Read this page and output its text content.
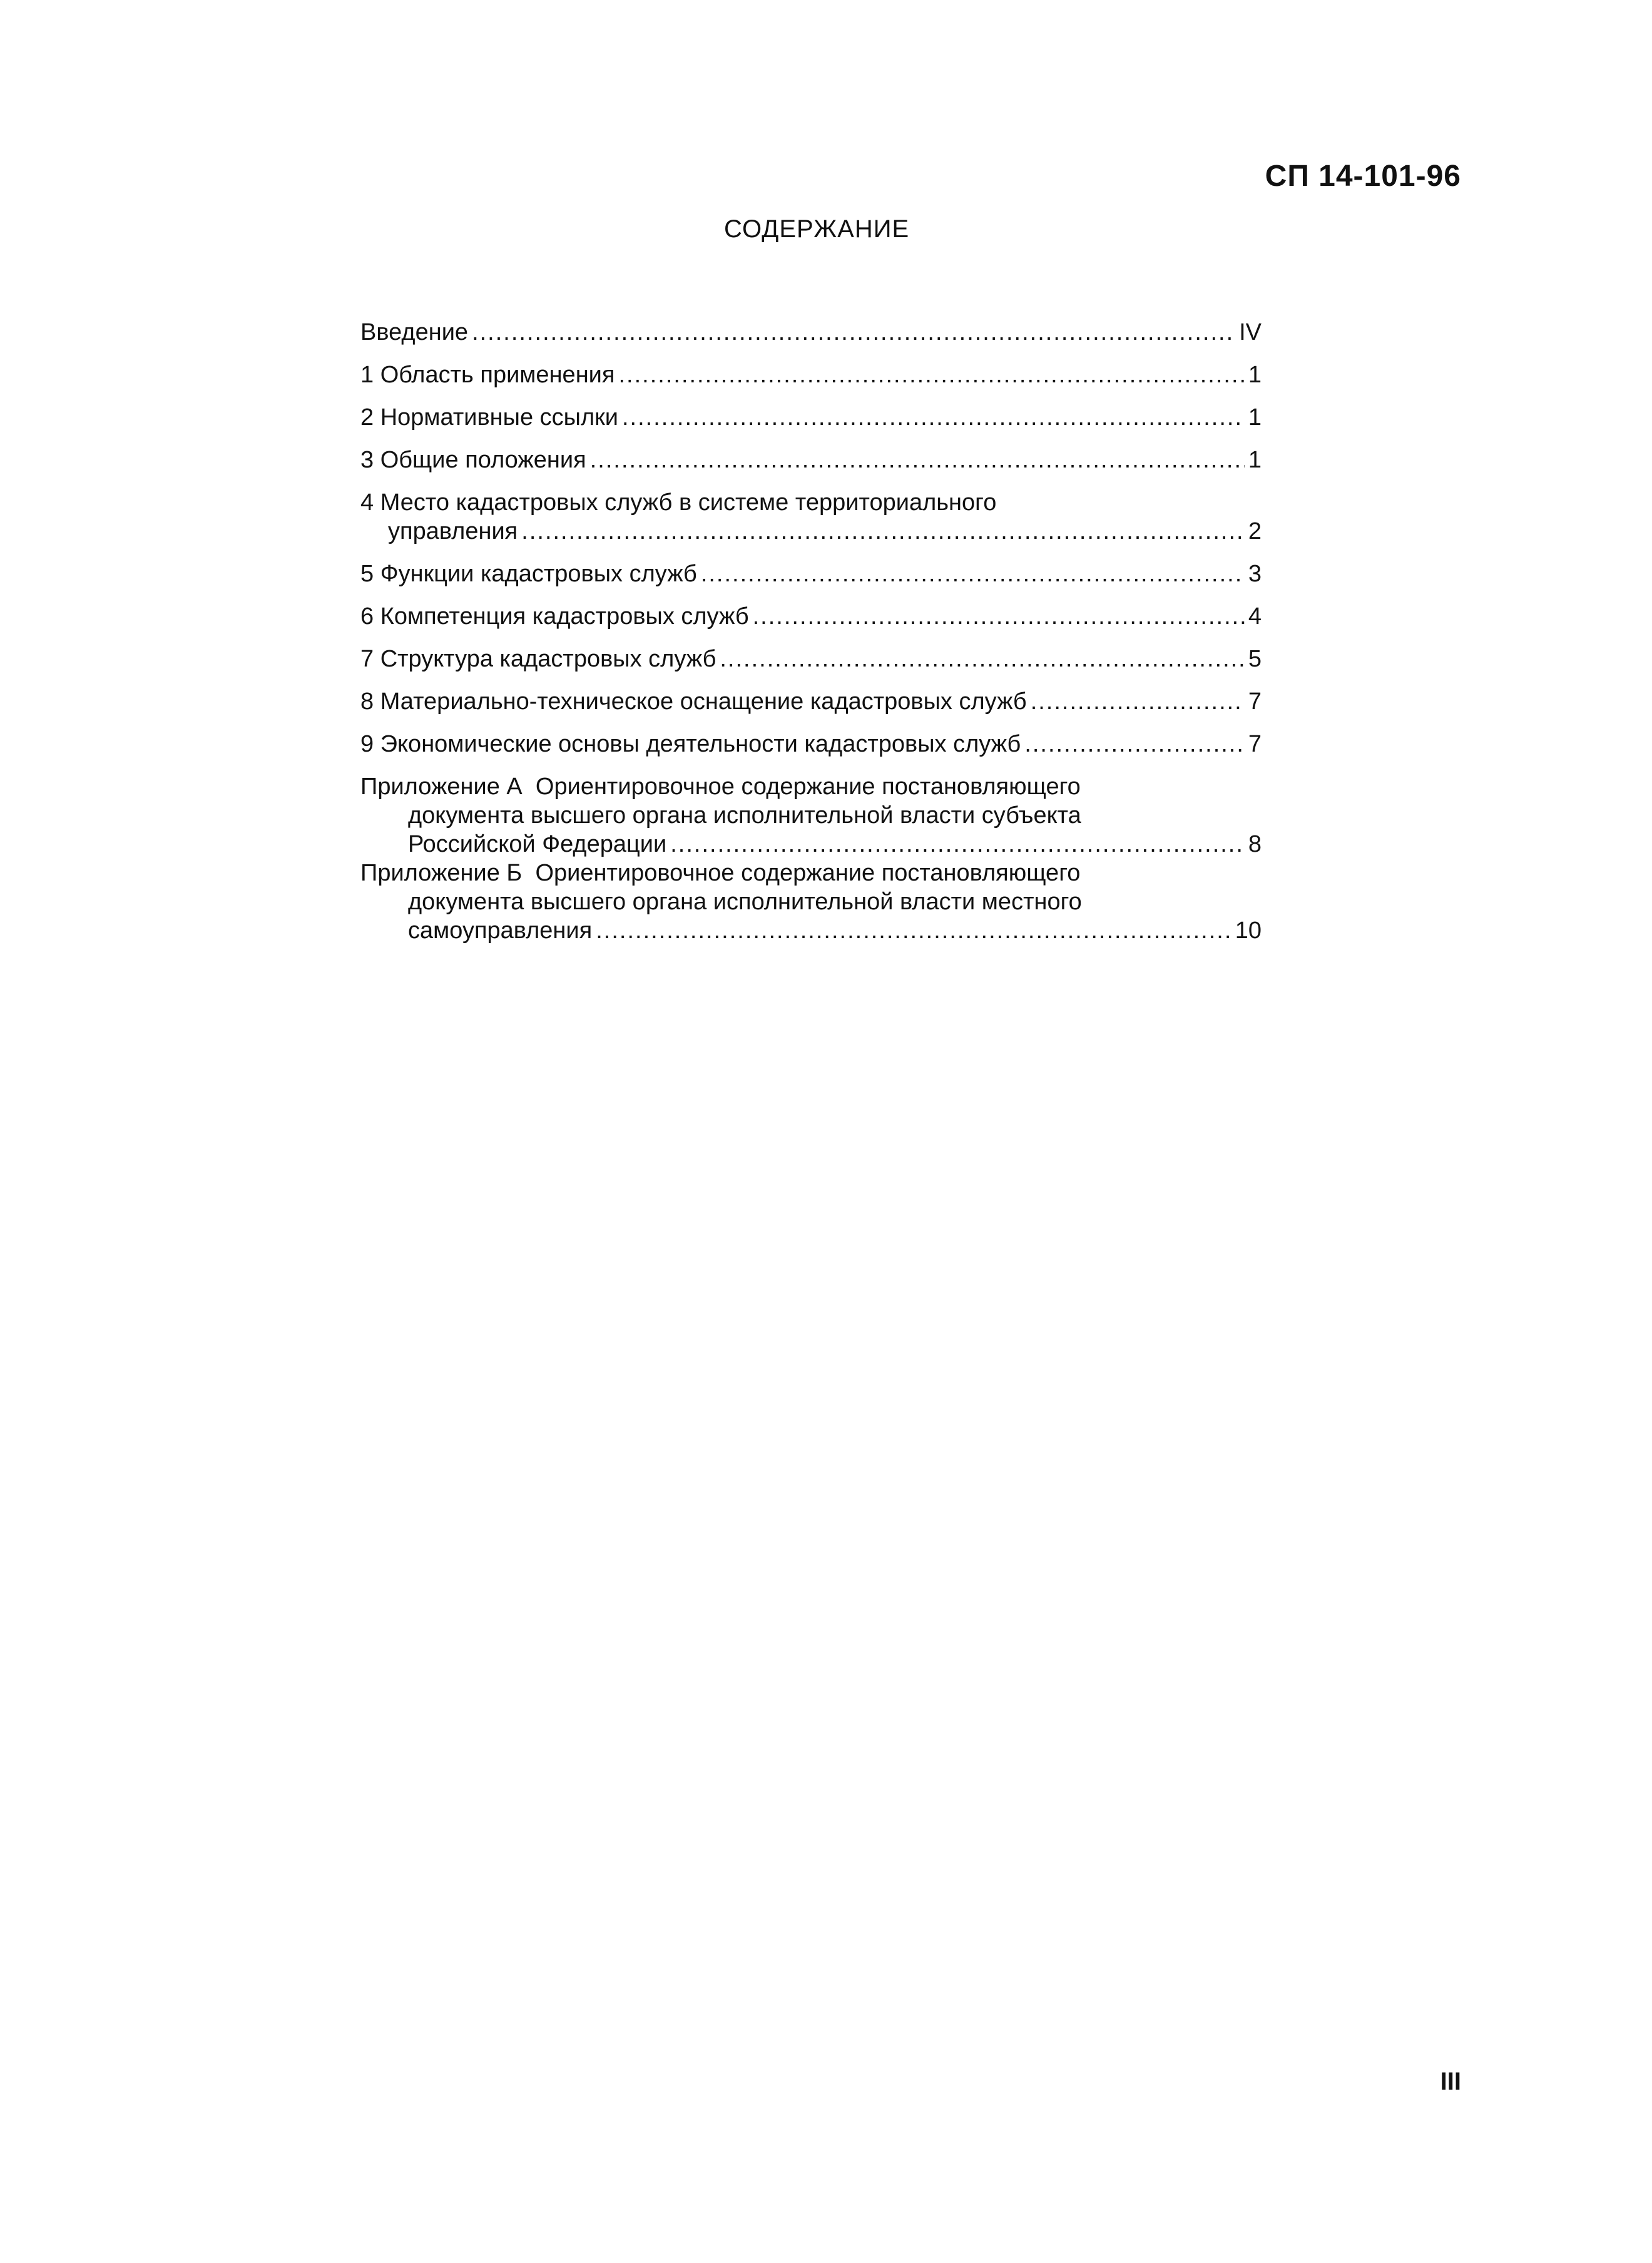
СП 14-101-96
СОДЕРЖАНИЕ
Введение .....	IV
1 Область применения .....	1
2 Нормативные ссылки .....	1
3 Общие положения .....	1
4 Место кадастровых служб в системе территориального
управления .....	2
5 Функции кадастровых служб .....	3
6 Компетенция кадастровых служб .....	4
7 Структура кадастровых служб .....	5
8 Материально-техническое оснащение кадастровых служб .....	7
9 Экономические основы деятельности кадастровых служб .....	7
Приложение А  Ориентировочное содержание постановляющего
документа высшего органа исполнительной власти субъекта
Российской Федерации .....	8
Приложение Б  Ориентировочное содержание постановляющего
документа высшего органа исполнительной власти местного
самоуправления .....	10
III
